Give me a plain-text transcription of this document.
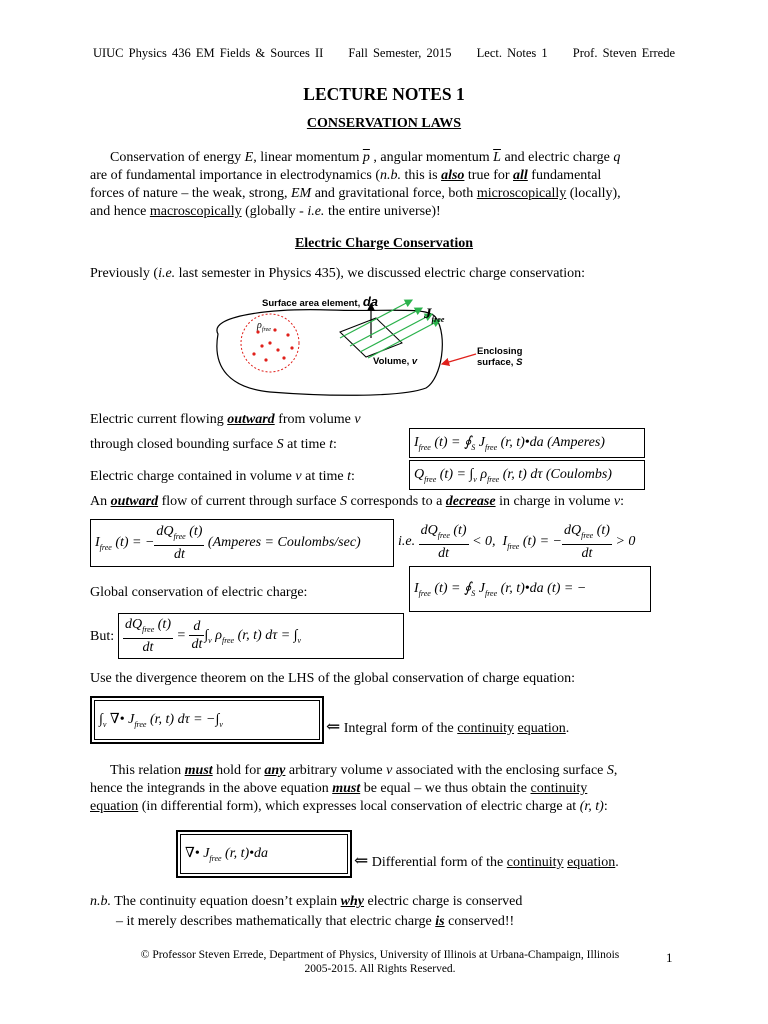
UIUC Physics 436 EM Fields & Sources II Fall Semester, 2015 Lect. Notes 1 Prof. Steven Errede
LECTURE NOTES 1
CONSERVATION LAWS
Conservation of energy E, linear momentum $\overline{p}$ , angular momentum $\overline{L}$ and electric charge q
are of fundamental importance in electrodynamics (n.b. this is also true for all fundamental
forces of nature – the weak, strong, EM and gravitational force, both microscopically (locally),
and hence macroscopically (globally - i.e. the entire universe)!
Electric Charge Conservation
Previously (i.e. last semester in Physics 435), we discussed electric charge conservation:
Surface area element, da
$J_{free}$
$\rho_{free}$
Volume, v
Enclosing
surface, S
Electric current flowing outward from volume v
through closed bounding surface S at time t:	$I_{free}$ $(t) = ∮_S$ $J_{free}$ (r, t)•da (Amperes)
Electric charge contained in volume v at time t:	$Q_{free}$ $(t) = \int_v$ $\rho_{free}$ (r, t) dτ (Coulombs)
An outward flow of current through surface S corresponds to a decrease in charge in volume v:
$I_{free}$ (t) = − $\frac{dQ_{free} (t)}{dt}$ (Amperes = Coulombs/sec)	i.e. $\frac{dQ_{free} (t)}{dt} < 0$, $I_{free}$ (t) = − $\frac{dQ_{free} (t)}{dt} > 0$
Global conservation of electric charge:	$I_{free}$ $(t) = ∮_S$ $J_{free}$ (r, t)•da (t) = −
But: $\frac{dQ_{free} (t)}{dt} = \frac{d}{dt} \int_v$ $\rho_{free}$ (r, t) $d\tau = \int_v$
Use the divergence theorem on the LHS of the global conservation of charge equation:
$\int_v$ ∇• $J_{free}$ (r, t) $d\tau = -\int_v$	⇐ Integral form of the continuity equation.
This relation must hold for any arbitrary volume v associated with the enclosing surface S,
hence the integrands in the above equation must be equal – we thus obtain the continuity
equation (in differential form), which expresses local conservation of electric charge at (r, t):
∇• $J_{free}$ (r, t)•da	⇐ Differential form of the continuity equation.
n.b. The continuity equation doesn’t explain why electric charge is conserved
– it merely describes mathematically that electric charge is conserved!!
© Professor Steven Errede, Department of Physics, University of Illinois at Urbana-Champaign, Illinois
2005-2015. All Rights Reserved.
1
